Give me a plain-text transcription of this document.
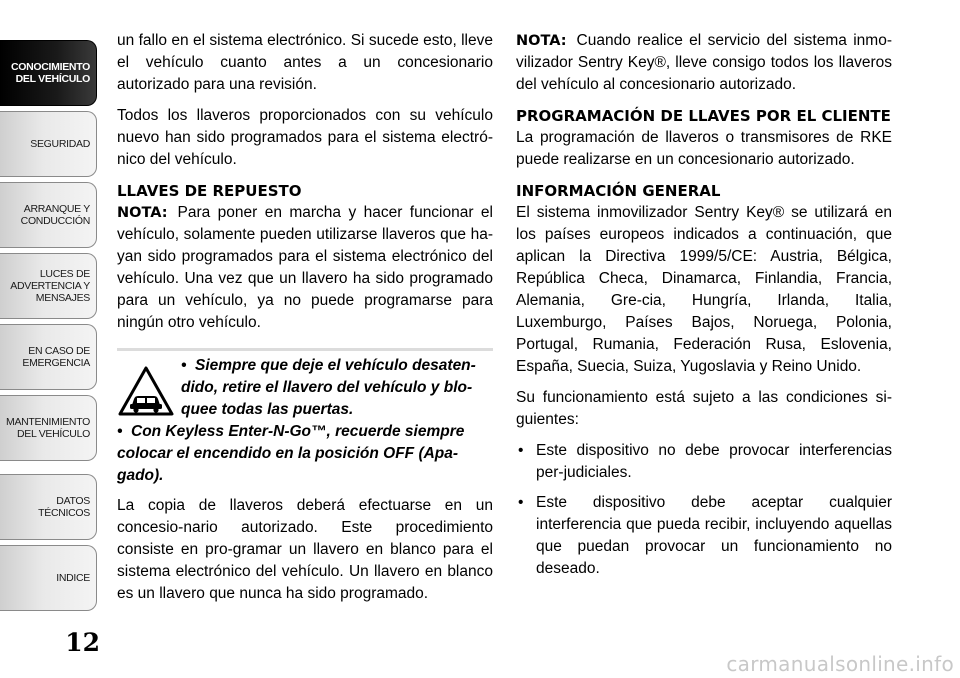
CONOCIMIENTO
DEL VEHÍCULO
SEGURIDAD
ARRANQUE Y
CONDUCCIÓN
LUCES DE
ADVERTENCIA Y
MENSAJES
EN CASO DE
EMERGENCIA
MANTENIMIENTO
DEL VEHÍCULO
DATOS
TÉCNICOS
INDICE
12

un fallo en el sistema electrónico. Si sucede esto, lleve el vehículo cuanto antes a un concesionario autorizado para una revisión.

Todos los llaveros proporcionados con su vehículo nuevo han sido programados para el sistema electró-nico del vehículo.

LLAVES DE REPUESTO

NOTA: Para poner en marcha y hacer funcionar el vehículo, solamente pueden utilizarse llaveros que ha-yan sido programados para el sistema electrónico del vehículo. Una vez que un llavero ha sido programado para un vehículo, ya no puede programarse para ningún otro vehículo.

• Siempre que deje el vehículo desaten-dido, retire el llavero del vehículo y blo-quee todas las puertas.
• Con Keyless Enter-N-Go™, recuerde siempre colocar el encendido en la posición OFF (Apa-gado).

La copia de llaveros deberá efectuarse en un concesio-nario autorizado. Este procedimiento consiste en pro-gramar un llavero en blanco para el sistema electrónico del vehículo. Un llavero en blanco es un llavero que nunca ha sido programado.

NOTA: Cuando realice el servicio del sistema inmo-vilizador Sentry Key®, lleve consigo todos los llaveros del vehículo al concesionario autorizado.

PROGRAMACIÓN DE LLAVES POR EL CLIENTE

La programación de llaveros o transmisores de RKE puede realizarse en un concesionario autorizado.

INFORMACIÓN GENERAL

El sistema inmovilizador Sentry Key® se utilizará en los países europeos indicados a continuación, que aplican la Directiva 1999/5/CE: Austria, Bélgica, República Checa, Dinamarca, Finlandia, Francia, Alemania, Gre-cia, Hungría, Irlanda, Italia, Luxemburgo, Países Bajos, Noruega, Polonia, Portugal, Rumania, Federación Rusa, Eslovenia, España, Suecia, Suiza, Yugoslavia y Reino Unido.

Su funcionamiento está sujeto a las condiciones si-guientes:

• Este dispositivo no debe provocar interferencias per-judiciales.
• Este dispositivo debe aceptar cualquier interferencia que pueda recibir, incluyendo aquellas que puedan provocar un funcionamiento no deseado.
carmanualsonline.info
